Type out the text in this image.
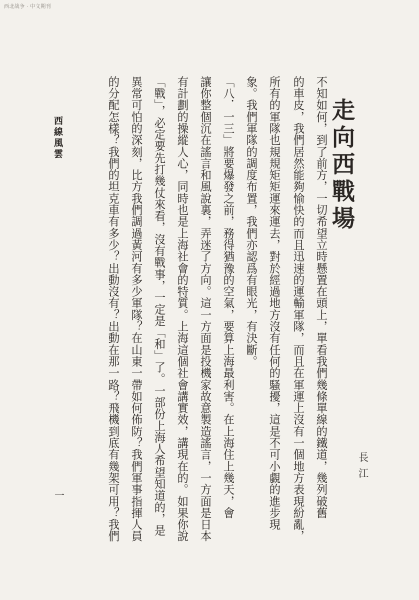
西北战争 · 中文期刊
走向西戰場
長江
不知如何，到了前方，一切希望立時懸置在頭上，單看我們幾條單線的鐵道，幾列破舊
的車皮，我們居然能夠愉快的而且迅速的運輸軍隊，而且在軍運上沒有一個地方表現紛亂，
所有的軍隊也規規矩矩運來運去，對於經過地方沒有任何的騷擾，這是不可小覷的進步現
象。我們軍隊的調度布置，我們亦認爲有眼光，有決斷。
「八．一三」將要爆發之前，務得猶豫的空氣，要算上海最利害。在上海住上幾天，會
讓你整個沉在謠言和風說裏，弄迷了方向。這一方面是投機家故意製造謠言，一方面是日本
有計劃的操縱人心，同時也是上海社會的特質。上海這個社會講實效，講現在的。如果你說
「戰」，必定要先打幾仗來看，沒有戰事，一定是「和」了。一部份上海人希望知道的，是
異常可怕的深刻，比方我們調過黃河有多少軍隊？在山東一帶如何佈防？我們軍事指揮人員
的分配怎樣？我們的坦克車有多少？出動沒有？出動在那一路？飛機到底有幾架可用？我們
西線風雲
一
